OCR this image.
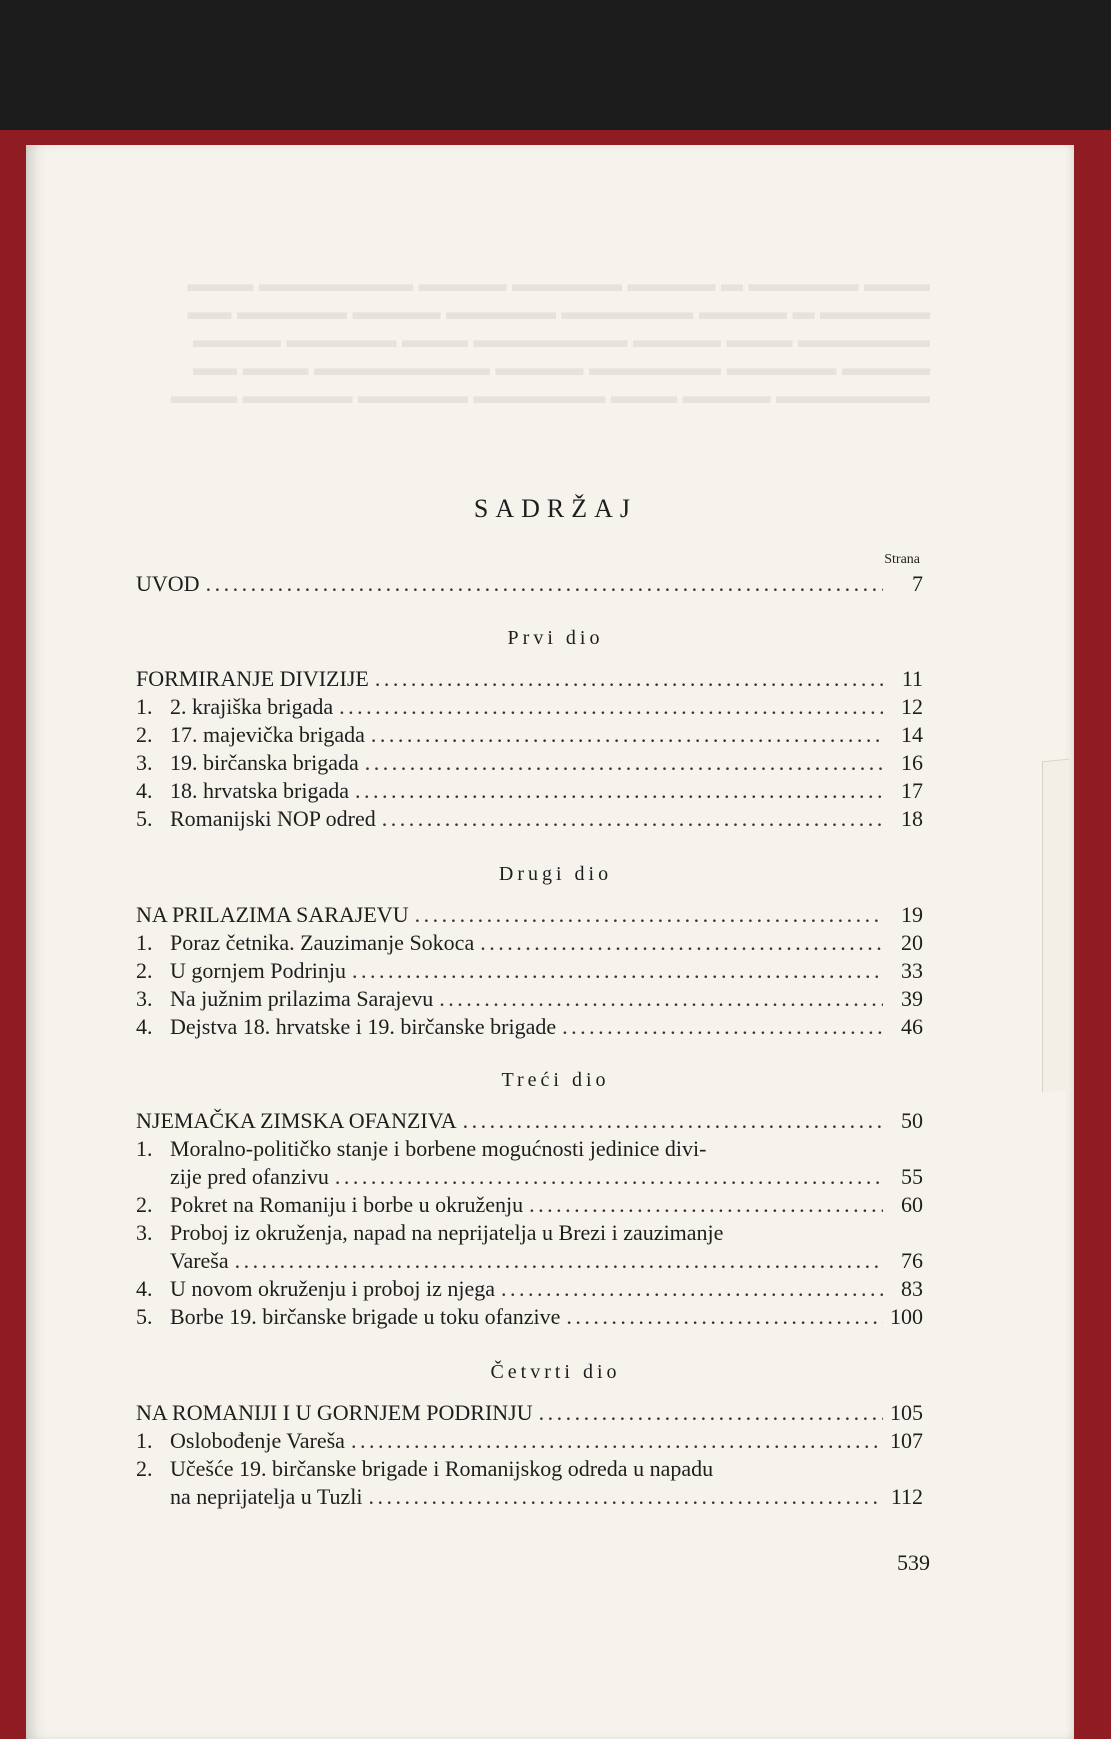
▬▬▬ ▬▬▬▬▬ ▬ ▬▬▬▬ ▬▬▬▬▬ ▬▬▬▬ ▬▬▬▬▬▬▬ ▬▬▬
▬▬▬▬▬ ▬ ▬▬▬▬ ▬▬▬▬▬▬ ▬▬▬▬▬ ▬▬▬▬ ▬▬▬▬▬ ▬▬
▬▬▬▬▬▬ ▬▬▬ ▬▬▬▬ ▬▬▬▬▬▬▬ ▬▬▬ ▬▬▬▬▬ ▬▬▬▬
▬▬▬▬ ▬▬▬▬▬ ▬▬▬▬▬▬ ▬▬▬▬ ▬▬▬▬▬▬▬▬ ▬▬▬ ▬▬
▬▬▬▬▬▬▬ ▬▬▬▬ ▬▬▬ ▬▬▬▬▬▬ ▬▬▬▬▬ ▬▬▬▬▬ ▬▬▬
SADRŽAJ
Strana
UVOD . . .	7
Prvi dio
FORMIRANJE DIVIZIJE . . .	11
1. 2. krajiška brigada . . .	12
2. 17. majevička brigada . . .	14
3. 19. birčanska brigada . . .	16
4. 18. hrvatska brigada . . .	17
5. Romanijski NOP odred . . .	18
Drugi dio
NA PRILAZIMA SARAJEVU . . .	19
1. Poraz četnika. Zauzimanje Sokoca . . .	20
2. U gornjem Podrinju . . .	33
3. Na južnim prilazima Sarajevu . . .	39
4. Dejstva 18. hrvatske i 19. birčanske brigade . . .	46
Treći dio
NJEMAČKA ZIMSKA OFANZIVA . . .	50
1. Moralno-političko stanje i borbene mogućnosti jedinice divi-
zije pred ofanzivu . . .	55
2. Pokret na Romaniju i borbe u okruženju . . .	60
3. Proboj iz okruženja, napad na neprijatelja u Brezi i zauzimanje
Vareša . . .	76
4. U novom okruženju i proboj iz njega . . .	83
5. Borbe 19. birčanske brigade u toku ofanzive . . .	100
Četvrti dio
NA ROMANIJI I U GORNJEM PODRINJU . . .	105
1. Oslobođenje Vareša . . .	107
2. Učešće 19. birčanske brigade i Romanijskog odreda u napadu
na neprijatelja u Tuzli . . .	112
539
